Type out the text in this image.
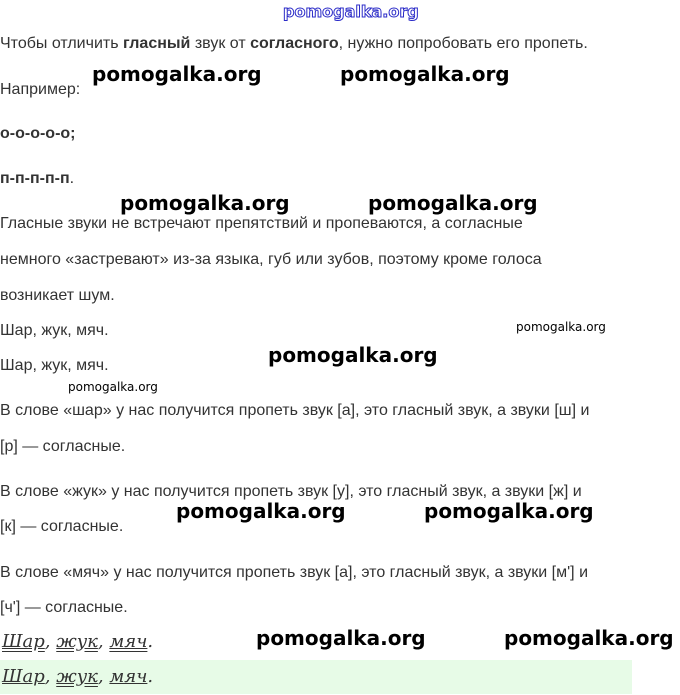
pomogalka.org
Чтобы отличить гласный звук от согласного, нужно попробовать его пропеть.
Например:
о-о-о-о-о;
п-п-п-п-п.
Гласные звуки не встречают препятствий и пропеваются, а согласные
немного «застревают» из-за языка, губ или зубов, поэтому кроме голоса
возникает шум.
Шар, жук, мяч.
Шар, жук, мяч.
В слове «шар» у нас получится пропеть звук [а], это гласный звук, а звуки [ш] и
[р] — согласные.
В слове «жук» у нас получится пропеть звук [у], это гласный звук, а звуки [ж] и
[к] — согласные.
В слове «мяч» у нас получится пропеть звук [а], это гласный звук, а звуки [м'] и
[ч'] — согласные.
Шар, жук, мяч.
Шар, жук, мяч.
pomogalka.org	pomogalka.org
pomogalka.org	pomogalka.org
pomogalka.org
pomogalka.org
pomogalka.org
pomogalka.org	pomogalka.org
pomogalka.org	pomogalka.org
